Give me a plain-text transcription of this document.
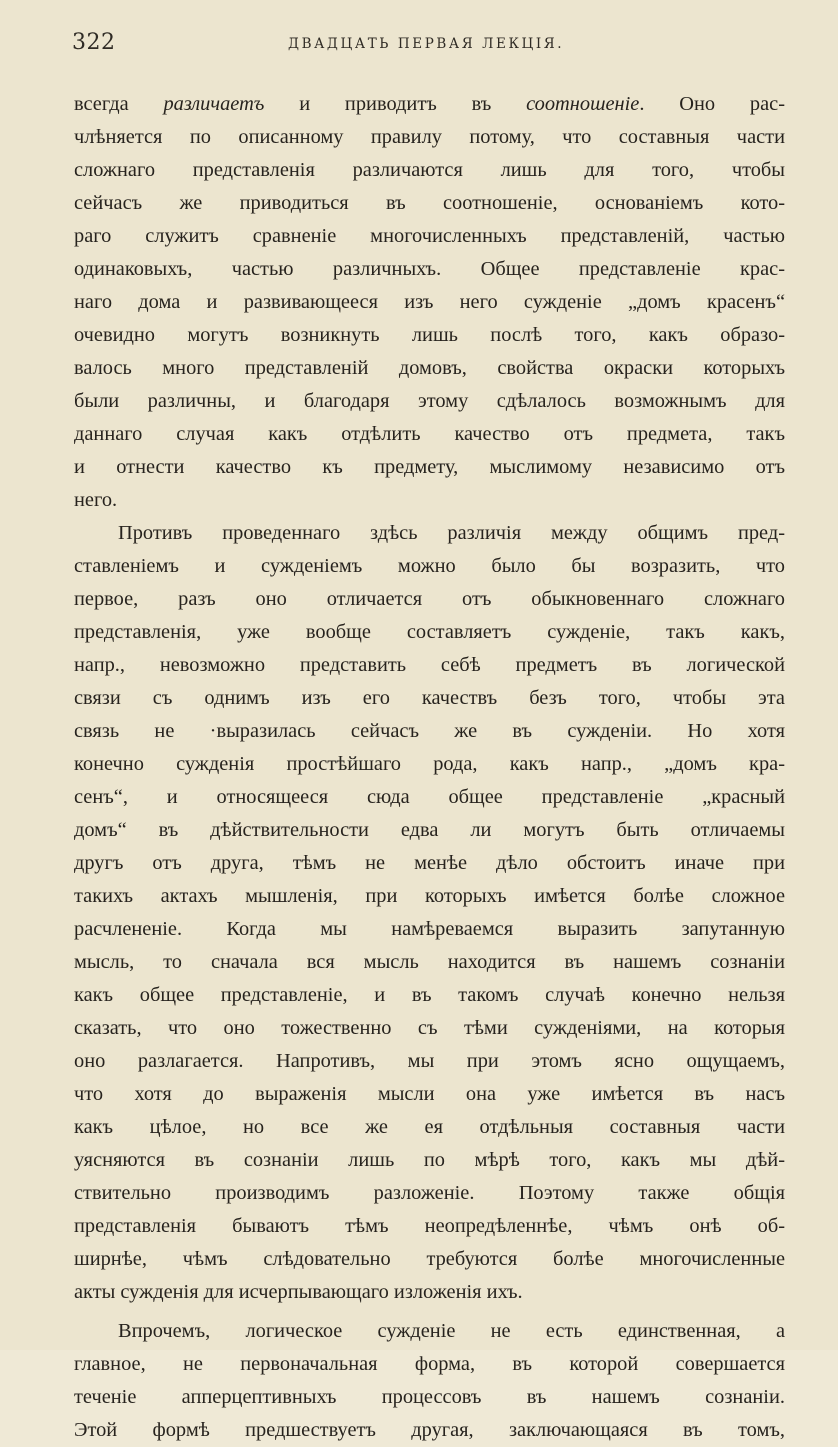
322	ДВАДЦАТЬ ПЕРВАЯ ЛЕКЦІЯ.
всегда различаетъ и приводитъ въ соотношеніе. Оно рас-
члѣняется по описанному правилу потому, что составныя части
сложнаго представленія различаются лишь для того, чтобы
сейчасъ же приводиться въ соотношеніе, основаніемъ кото-
раго служитъ сравненіе многочисленныхъ представленій, частью
одинаковыхъ, частью различныхъ. Общее представленіе крас-
наго дома и развивающееся изъ него сужденіе „домъ красенъ“
очевидно могутъ возникнуть лишь послѣ того, какъ образо-
валось много представленій домовъ, свойства окраски которыхъ
были различны, и благодаря этому сдѣлалось возможнымъ для
даннаго случая какъ отдѣлить качество отъ предмета, такъ
и отнести качество къ предмету, мыслимому независимо отъ
него.
Противъ проведеннаго здѣсь различія между общимъ пред-
ставленіемъ и сужденіемъ можно было бы возразить, что
первое, разъ оно отличается отъ обыкновеннаго сложнаго
представленія, уже вообще составляетъ сужденіе, такъ какъ,
напр., невозможно представить себѣ предметъ въ логической
связи съ однимъ изъ его качествъ безъ того, чтобы эта
связь не ·выразилась сейчасъ же въ сужденіи. Но хотя
конечно сужденія простѣйшаго рода, какъ напр., „домъ кра-
сенъ“, и относящееся сюда общее представленіе „красный
домъ“ въ дѣйствительности едва ли могутъ быть отличаемы
другъ отъ друга, тѣмъ не менѣе дѣло обстоитъ иначе при
такихъ актахъ мышленія, при которыхъ имѣется болѣе сложное
расчлененіе. Когда мы намѣреваемся выразить запутанную
мысль, то сначала вся мысль находится въ нашемъ сознаніи
какъ общее представленіе, и въ такомъ случаѣ конечно нельзя
сказать, что оно тожественно съ тѣми сужденіями, на которыя
оно разлагается. Напротивъ, мы при этомъ ясно ощущаемъ,
что хотя до выраженія мысли она уже имѣется въ насъ
какъ цѣлое, но все же ея отдѣльныя составныя части
уясняются въ сознаніи лишь по мѣрѣ того, какъ мы дѣй-
ствительно производимъ разложеніе. Поэтому также общія
представленія бываютъ тѣмъ неопредѣленнѣе, чѣмъ онѣ об-
ширнѣе, чѣмъ слѣдовательно требуются болѣе многочисленные
акты сужденія для исчерпывающаго изложенія ихъ.
Впрочемъ, логическое сужденіе не есть единственная, а
главное, не первоначальная форма, въ которой совершается
теченіе апперцептивныхъ процессовъ въ нашемъ сознаніи.
Этой формѣ предшествуетъ другая, заключающаяся въ томъ,
